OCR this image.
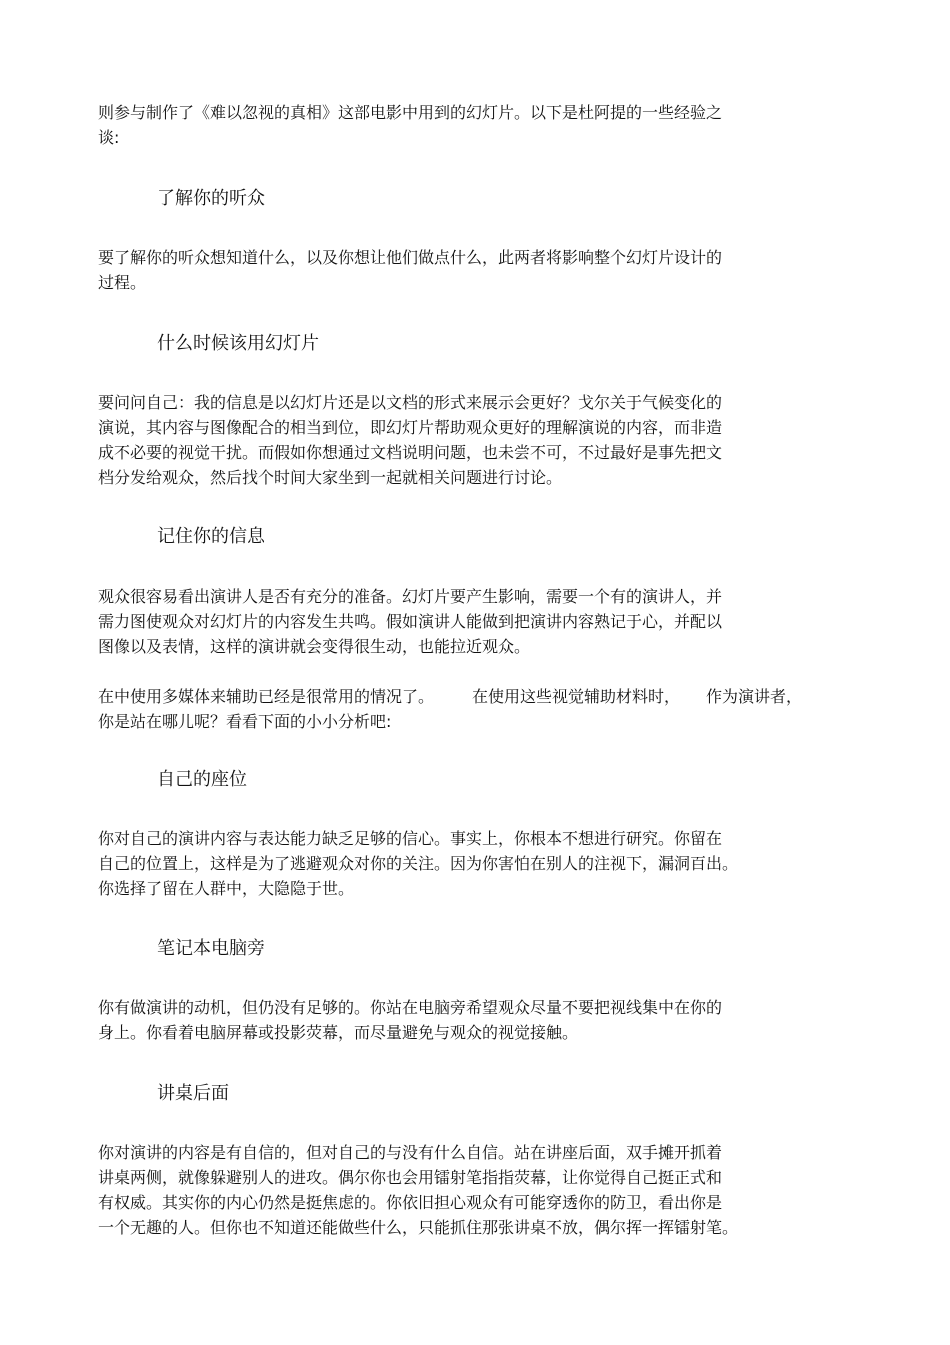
则参与制作了《难以忽视的真相》这部电影中用到的幻灯片。以下是杜阿提的一些经验之
谈:

了解你的听众

要了解你的听众想知道什么，以及你想让他们做点什么，此两者将影响整个幻灯片设计的
过程。

什么时候该用幻灯片

要问问自己：我的信息是以幻灯片还是以文档的形式来展示会更好？戈尔关于气候变化的
演说，其内容与图像配合的相当到位，即幻灯片帮助观众更好的理解演说的内容，而非造
成不必要的视觉干扰。而假如你想通过文档说明问题，也未尝不可，不过最好是事先把文
档分发给观众，然后找个时间大家坐到一起就相关问题进行讨论。

记住你的信息

观众很容易看出演讲人是否有充分的准备。幻灯片要产生影响，需要一个有的演讲人，并
需力图使观众对幻灯片的内容发生共鸣。假如演讲人能做到把演讲内容熟记于心，并配以
图像以及表情，这样的演讲就会变得很生动，也能拉近观众。

在中使用多媒体来辅助已经是很常用的情况了。 在使用这些视觉辅助材料时， 作为演讲者，
你是站在哪儿呢？看看下面的小小分析吧:

自己的座位

你对自己的演讲内容与表达能力缺乏足够的信心。事实上，你根本不想进行研究。你留在
自己的位置上，这样是为了逃避观众对你的关注。因为你害怕在别人的注视下，漏洞百出。
你选择了留在人群中，大隐隐于世。

笔记本电脑旁

你有做演讲的动机，但仍没有足够的。你站在电脑旁希望观众尽量不要把视线集中在你的
身上。你看着电脑屏幕或投影荧幕，而尽量避免与观众的视觉接触。

讲桌后面

你对演讲的内容是有自信的，但对自己的与没有什么自信。站在讲座后面，双手摊开抓着
讲桌两侧，就像躲避别人的进攻。偶尔你也会用镭射笔指指荧幕，让你觉得自己挺正式和
有权威。其实你的内心仍然是挺焦虑的。你依旧担心观众有可能穿透你的防卫，看出你是
一个无趣的人。但你也不知道还能做些什么，只能抓住那张讲桌不放，偶尔挥一挥镭射笔。
